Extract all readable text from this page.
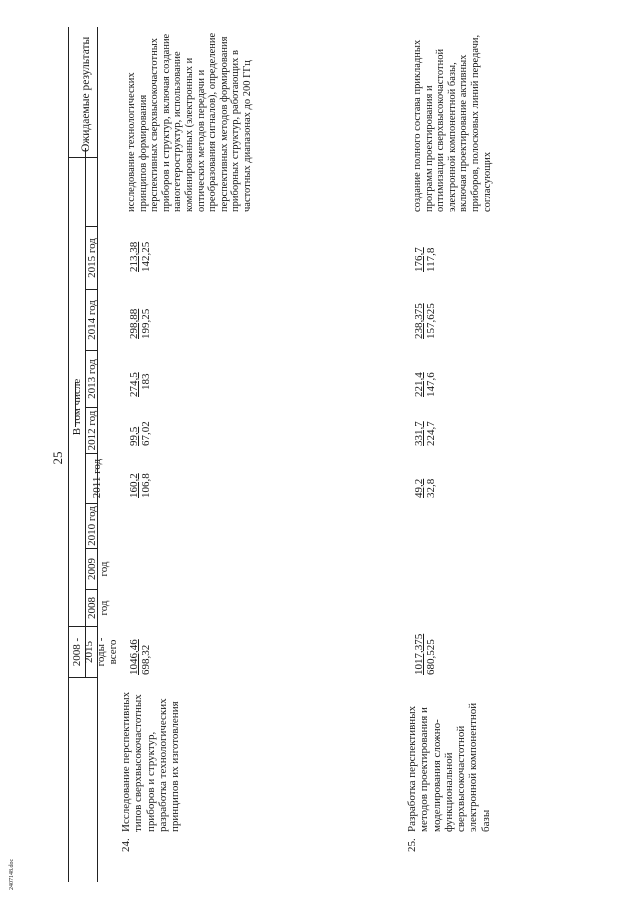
25
2407148.doc
2008 - 2015 годы - всего
В том числе
2008 год
2009 год
2010 год
2011 год
2012 год
2013 год
2014 год
2015 год
Ожидаемые результаты
24.
Исследование перспективных типов сверхвысокочастотных приборов и структур, разработка технологических принципов их изготовления
1046,46 698,32
160,2 106,8
99,5 67,02
274,5 183
298,88 199,25
213,38 142,25
исследование технологических принципов формирования перспективных сверхвысокочастотных приборов и структур, включая создание наногетероструктур, использование комбинированных (электронных и оптических методов передачи и преобразования сигналов), определение перспективных методов формирования приборных структур, работающих в частотных диапазонах до 200 ГГц
25.
Разработка перспективных методов проектирования и моделирования сложно-функциональной сверхвысокочастотной электронной компонентной базы
1017,375 680,525
49,2 32,8
331,7 224,7
221,4 147,6
238,375 157,625
176,7 117,8
создание полного состава прикладных программ проектирования и оптимизации сверхвысокочастотной электронной компонентной базы, включая проектирование активных приборов, полосковых линий передачи, согласующих
